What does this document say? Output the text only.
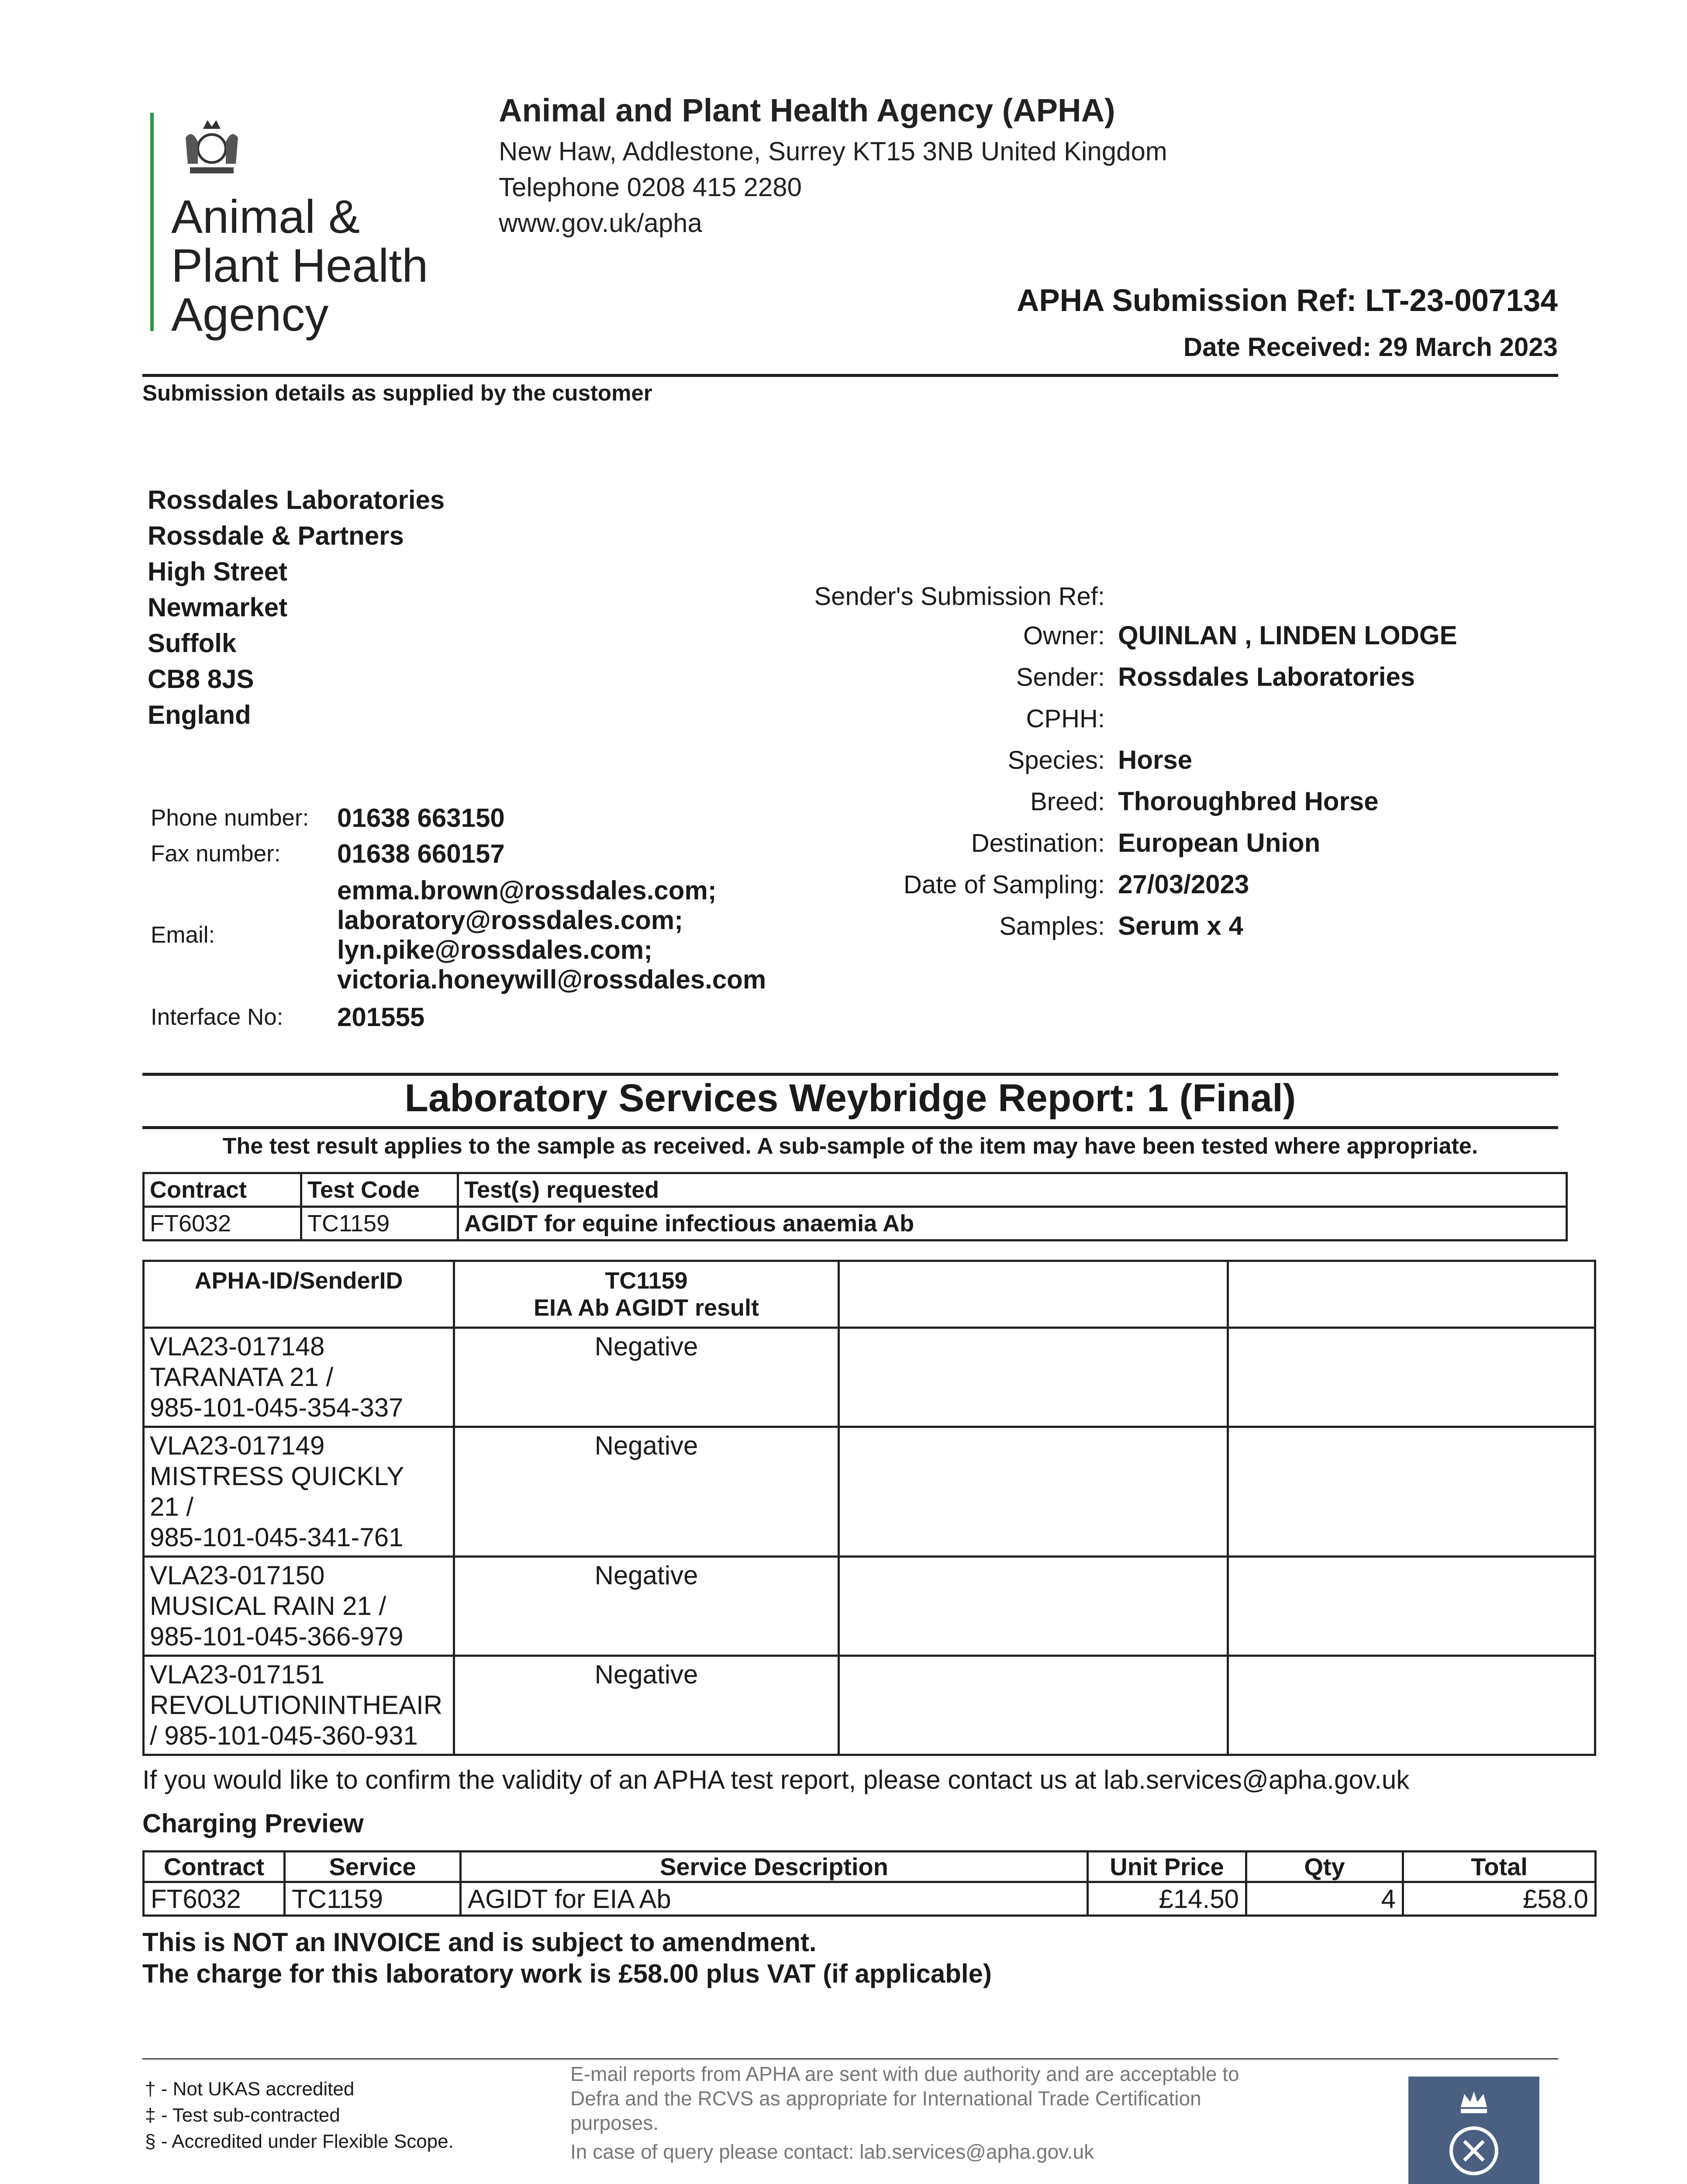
Animal &
Plant Health
Agency
Animal and Plant Health Agency (APHA)
New Haw, Addlestone, Surrey KT15 3NB United Kingdom
Telephone 0208 415 2280
www.gov.uk/apha
APHA Submission Ref: LT-23-007134
Date Received: 29 March 2023
Submission details as supplied by the customer
Rossdales Laboratories
Rossdale & Partners
High Street
Newmarket
Suffolk
CB8 8JS
England
Phone number: 01638 663150
Fax number: 01638 660157
Email:
emma.brown@rossdales.com;
laboratory@rossdales.com;
lyn.pike@rossdales.com;
victoria.honeywill@rossdales.com
Interface No: 201555
Sender's Submission Ref:
Owner: QUINLAN , LINDEN LODGE
Sender: Rossdales Laboratories
CPHH:
Species: Horse
Breed: Thoroughbred Horse
Destination: European Union
Date of Sampling: 27/03/2023
Samples: Serum x 4
Laboratory Services Weybridge Report: 1 (Final)
The test result applies to the sample as received. A sub-sample of the item may have been tested where appropriate.
Contract	Test Code	Test(s) requested
FT6032	TC1159	AGIDT for equine infectious anaemia Ab
APHA-ID/SenderID	TC1159
EIA Ab AGIDT result		

VLA23-017148
TARANATA 21 /
985-101-045-354-337	Negative		

VLA23-017149
MISTRESS QUICKLY
21 /
985-101-045-341-761	Negative		

VLA23-017150
MUSICAL RAIN 21 /
985-101-045-366-979	Negative		

VLA23-017151
REVOLUTIONINTHEAIR
/ 985-101-045-360-931	Negative		
If you would like to confirm the validity of an APHA test report, please contact us at lab.services@apha.gov.uk
Charging Preview
Contract	Service	Service Description	Unit Price	Qty	Total
FT6032	TC1159	AGIDT for EIA Ab	£14.50	4	£58.0
This is NOT an INVOICE and is subject to amendment.
The charge for this laboratory work is £58.00 plus VAT (if applicable)
† - Not UKAS accredited
‡ - Test sub-contracted
§ - Accredited under Flexible Scope.
E-mail reports from APHA are sent with due authority and are acceptable to
Defra and the RCVS as appropriate for International Trade Certification
purposes.
In case of query please contact: lab.services@apha.gov.uk
